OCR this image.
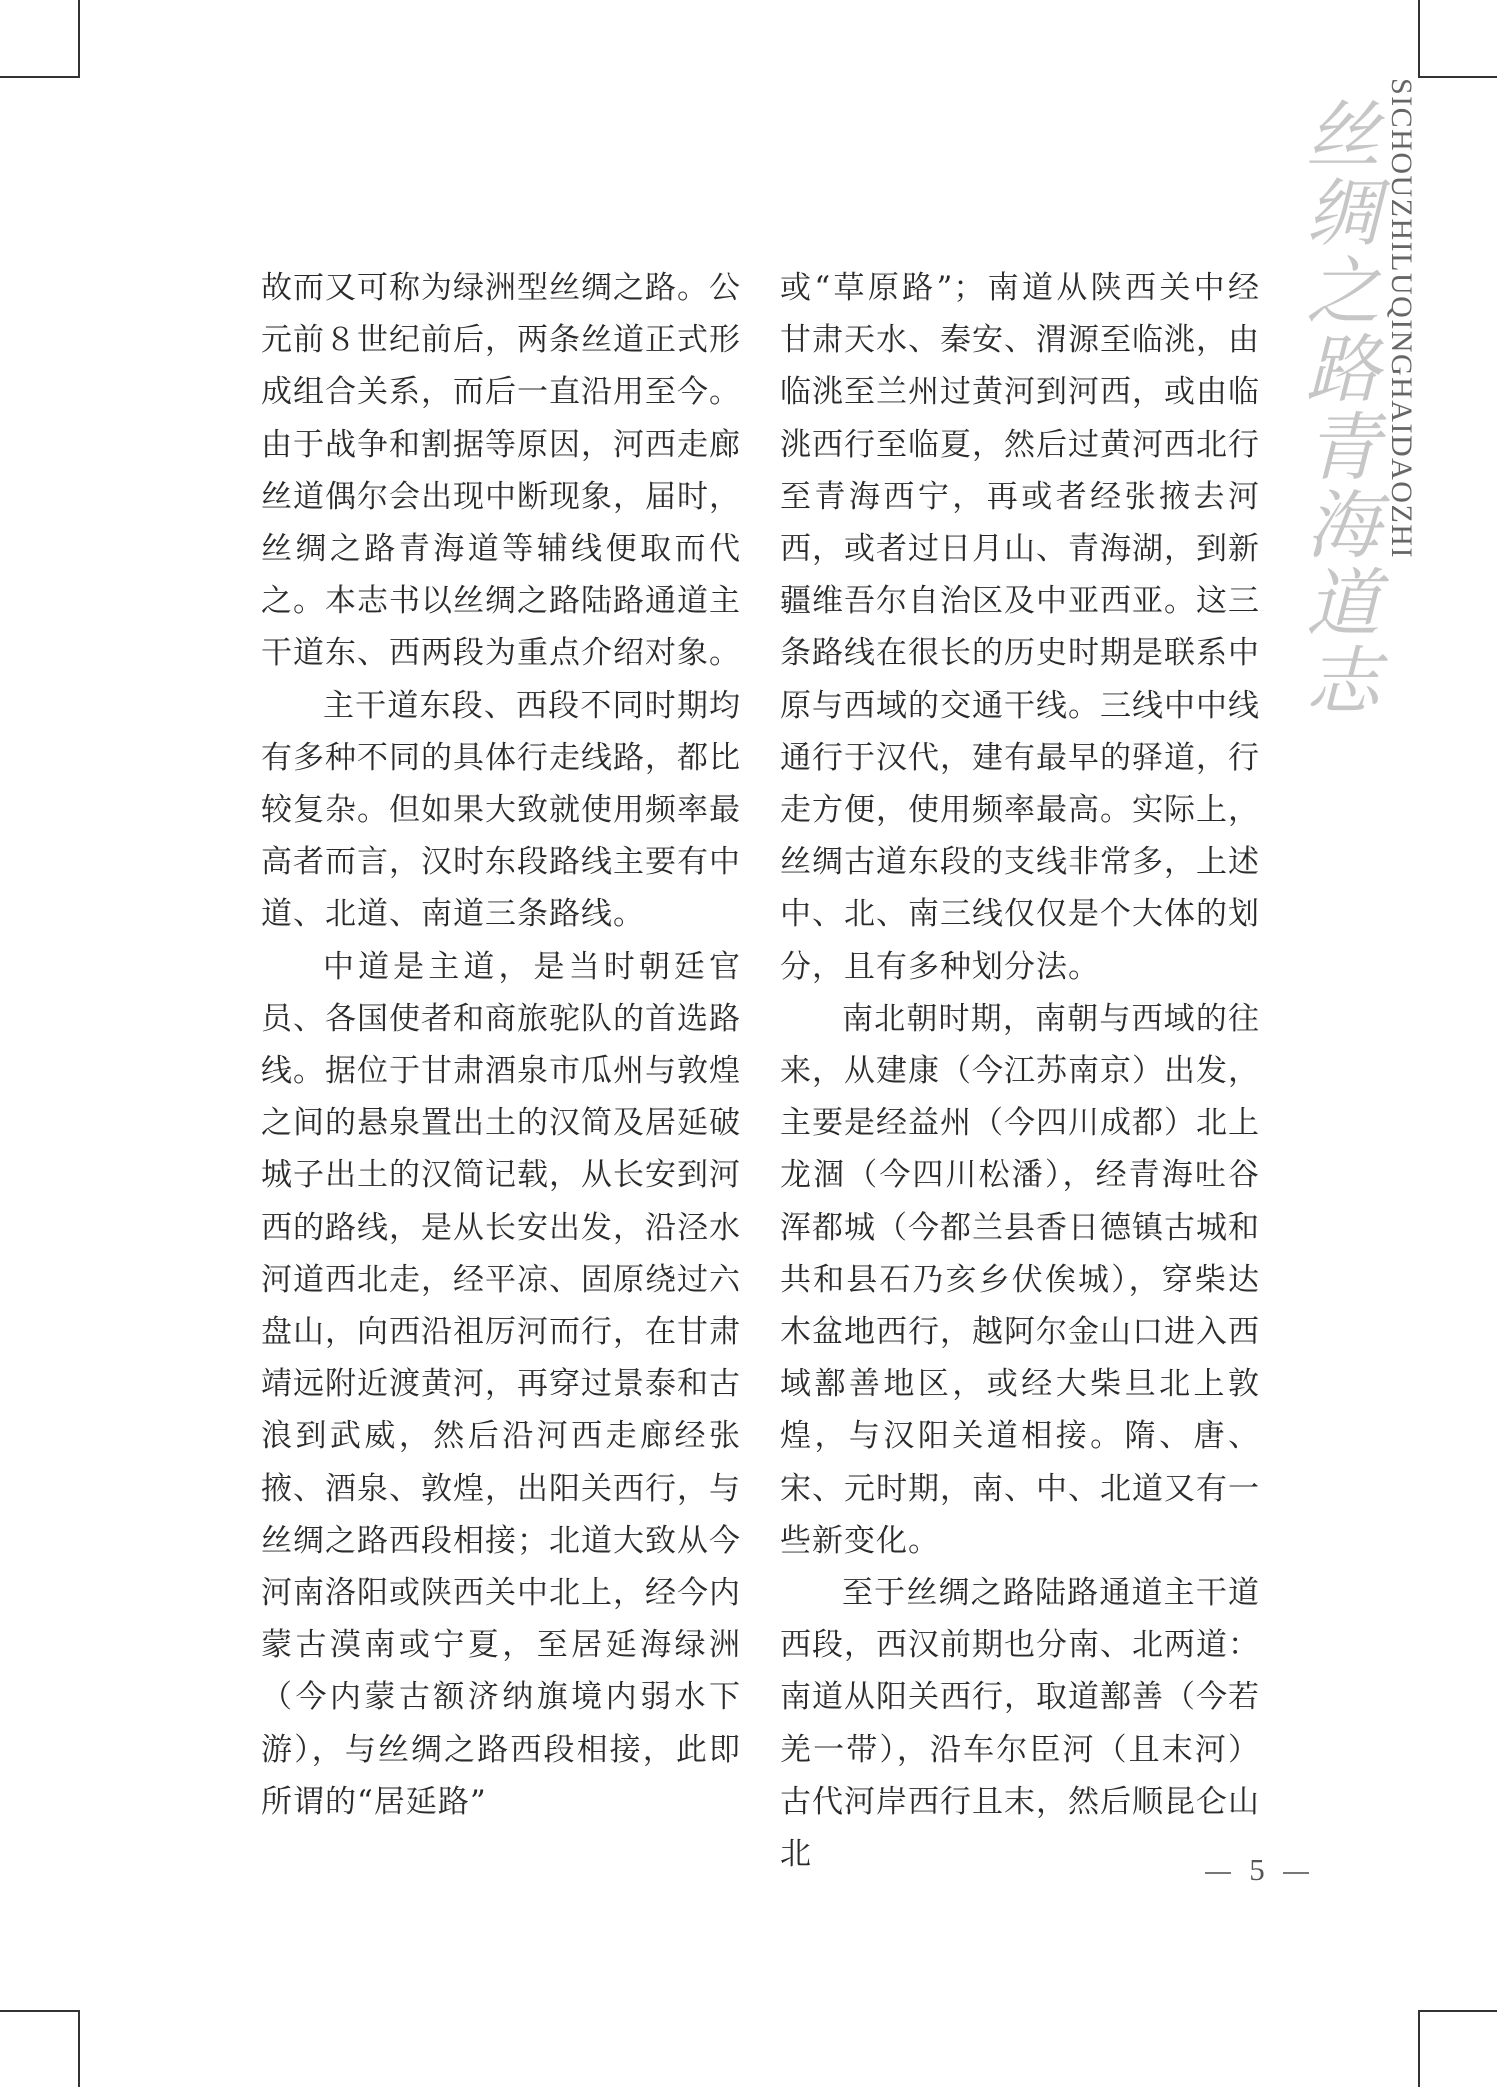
丝绸之路青海道志 SICHOUZHILUQINGHAIDAOZHI

故而又可称为绿洲型丝绸之路。公元前８世纪前后，两条丝道正式形成组合关系，而后一直沿用至今。由于战争和割据等原因，河西走廊丝道偶尔会出现中断现象，届时，丝绸之路青海道等辅线便取而代之。本志书以丝绸之路陆路通道主干道东、西两段为重点介绍对象。

主干道东段、西段不同时期均有多种不同的具体行走线路，都比较复杂。但如果大致就使用频率最高者而言，汉时东段路线主要有中道、北道、南道三条路线。

中道是主道，是当时朝廷官员、各国使者和商旅驼队的首选路线。据位于甘肃酒泉市瓜州与敦煌之间的悬泉置出土的汉简及居延破城子出土的汉简记载，从长安到河西的路线，是从长安出发，沿泾水河道西北走，经平凉、固原绕过六盘山，向西沿祖厉河而行，在甘肃靖远附近渡黄河，再穿过景泰和古浪到武威，然后沿河西走廊经张掖、酒泉、敦煌，出阳关西行，与丝绸之路西段相接；北道大致从今河南洛阳或陕西关中北上，经今内蒙古漠南或宁夏，至居延海绿洲（今内蒙古额济纳旗境内弱水下游），与丝绸之路西段相接，此即所谓的“居延路”

或“草原路”；南道从陕西关中经甘肃天水、秦安、渭源至临洮，由临洮至兰州过黄河到河西，或由临洮西行至临夏，然后过黄河西北行至青海西宁，再或者经张掖去河西，或者过日月山、青海湖，到新疆维吾尔自治区及中亚西亚。这三条路线在很长的历史时期是联系中原与西域的交通干线。三线中中线通行于汉代，建有最早的驿道，行走方便，使用频率最高。实际上，丝绸古道东段的支线非常多，上述中、北、南三线仅仅是个大体的划分，且有多种划分法。

南北朝时期，南朝与西域的往来，从建康（今江苏南京）出发，主要是经益州（今四川成都）北上龙涸（今四川松潘），经青海吐谷浑都城（今都兰县香日德镇古城和共和县石乃亥乡伏俟城），穿柴达木盆地西行，越阿尔金山口进入西域鄯善地区，或经大柴旦北上敦煌，与汉阳关道相接。隋、唐、宋、元时期，南、中、北道又有一些新变化。

至于丝绸之路陆路通道主干道西段，西汉前期也分南、北两道：南道从阳关西行，取道鄯善（今若羌一带），沿车尔臣河（且末河）古代河岸西行且末，然后顺昆仑山北	5
